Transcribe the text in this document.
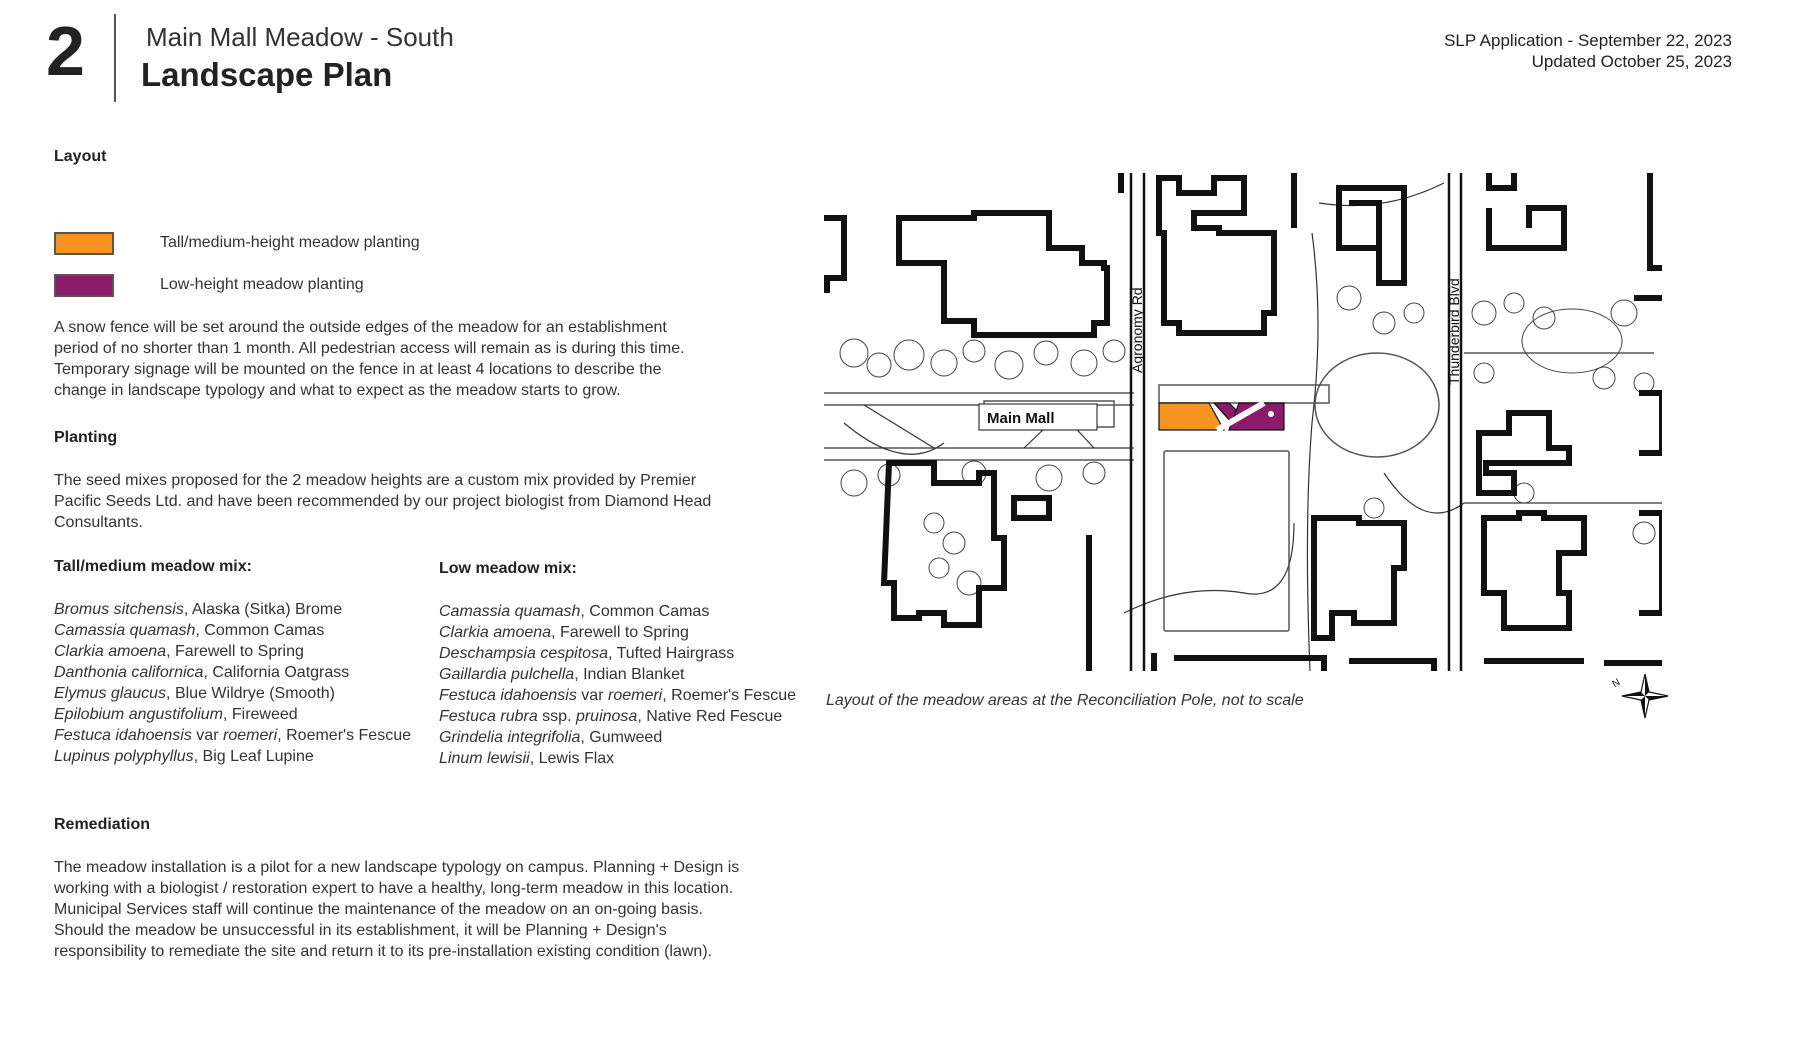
2 Main Mall Meadow - South
Landscape Plan
SLP Application - September 22, 2023
Updated October 25, 2023
Layout
Tall/medium-height meadow planting
Low-height meadow planting
A snow fence will be set around the outside edges of the meadow for an establishment period of no shorter than 1 month. All pedestrian access will remain as is during this time. Temporary signage will be mounted on the fence in at least 4 locations to describe the change in landscape typology and what to expect as the meadow starts to grow.
Planting
The seed mixes proposed for the 2 meadow heights are a custom mix provided by Premier Pacific Seeds Ltd. and have been recommended by our project biologist from Diamond Head Consultants.
Tall/medium meadow mix:
Bromus sitchensis, Alaska (Sitka) Brome
Camassia quamash, Common Camas
Clarkia amoena, Farewell to Spring
Danthonia californica, California Oatgrass
Elymus glaucus, Blue Wildrye (Smooth)
Epilobium angustifolium, Fireweed
Festuca idahoensis var roemeri, Roemer's Fescue
Lupinus polyphyllus, Big Leaf Lupine
Low meadow mix:
Camassia quamash, Common Camas
Clarkia amoena, Farewell to Spring
Deschampsia cespitosa, Tufted Hairgrass
Gaillardia pulchella, Indian Blanket
Festuca idahoensis var roemeri, Roemer's Fescue
Festuca rubra ssp. pruinosa, Native Red Fescue
Grindelia integrifolia, Gumweed
Linum lewisii, Lewis Flax
Remediation
The meadow installation is a pilot for a new landscape typology on campus. Planning + Design is working with a biologist / restoration expert to have a healthy, long-term meadow in this location. Municipal Services staff will continue the maintenance of the meadow on an on-going basis. Should the meadow be unsuccessful in its establishment, it will be Planning + Design's responsibility to remediate the site and return it to its pre-installation existing condition (lawn).
Main Mall
Agronomy Rd	Thunderbird Blvd
Layout of the meadow areas at the Reconciliation Pole, not to scale
N
